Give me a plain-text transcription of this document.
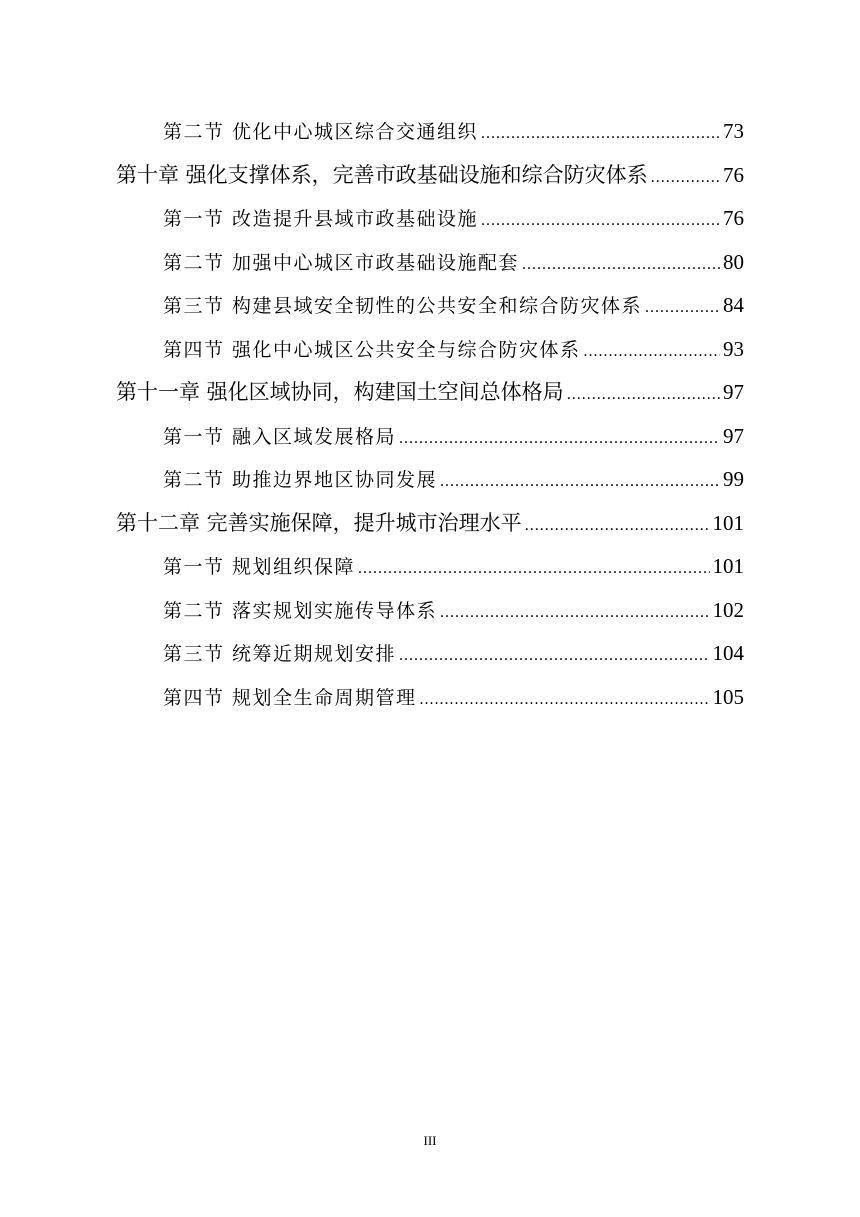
第二节 优化中心城区综合交通组织 .....	73
第十章 强化支撑体系，完善市政基础设施和综合防灾体系 .....	76
第一节 改造提升县域市政基础设施 .....	76
第二节 加强中心城区市政基础设施配套 .....	80
第三节 构建县域安全韧性的公共安全和综合防灾体系 .....	84
第四节 强化中心城区公共安全与综合防灾体系 .....	93
第十一章 强化区域协同，构建国土空间总体格局 .....	97
第一节 融入区域发展格局 .....	97
第二节 助推边界地区协同发展 .....	99
第十二章 完善实施保障，提升城市治理水平 .....	101
第一节 规划组织保障 .....	101
第二节 落实规划实施传导体系 .....	102
第三节 统筹近期规划安排 .....	104
第四节 规划全生命周期管理 .....	105
III
